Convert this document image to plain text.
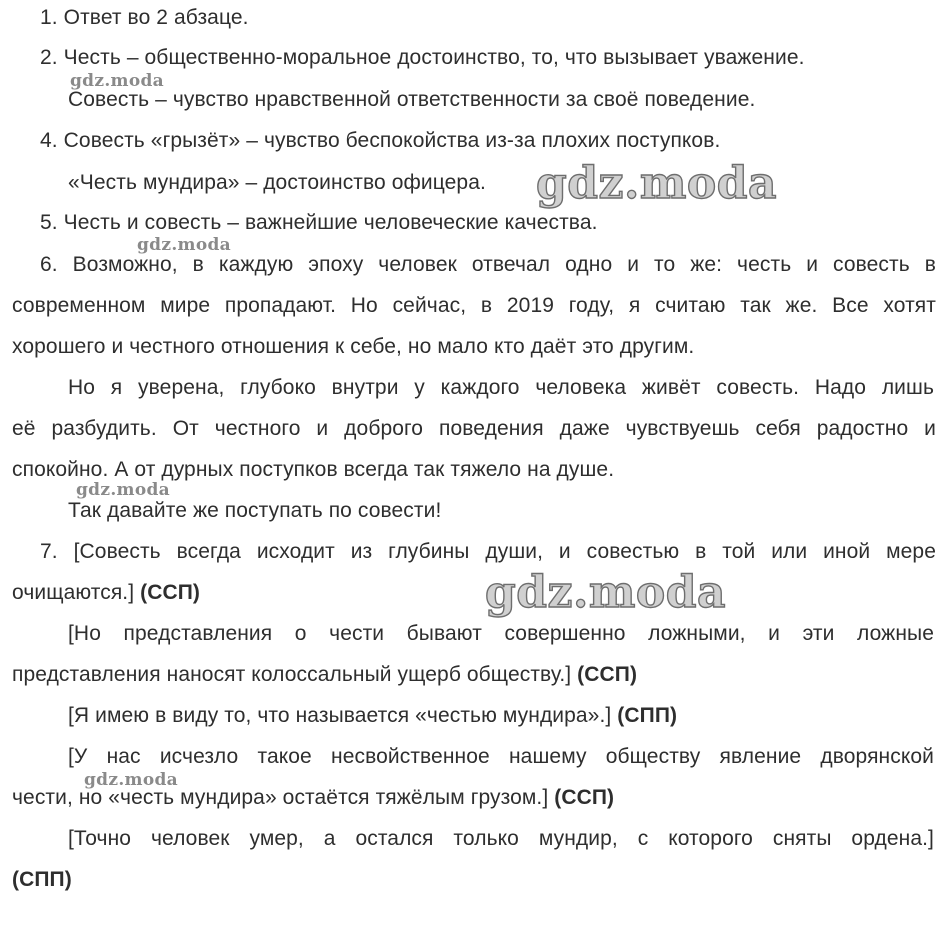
1. Ответ во 2 абзаце.
2. Честь – общественно-моральное достоинство, то, что вызывает уважение.
Совесть – чувство нравственной ответственности за своё поведение.
4. Совесть «грызёт» – чувство беспокойства из-за плохих поступков.
«Честь мундира» – достоинство офицера.
5. Честь и совесть – важнейшие человеческие качества.
6. Возможно, в каждую эпоху человек отвечал одно и то же: честь и совесть в
современном мире пропадают. Но сейчас, в 2019 году, я считаю так же. Все хотят
хорошего и честного отношения к себе, но мало кто даёт это другим.
Но я уверена, глубоко внутри у каждого человека живёт совесть. Надо лишь
её разбудить. От честного и доброго поведения даже чувствуешь себя радостно и
спокойно. А от дурных поступков всегда так тяжело на душе.
Так давайте же поступать по совести!
7. [Совесть всегда исходит из глубины души, и совестью в той или иной мере
очищаются.] (ССП)
[Но представления о чести бывают совершенно ложными, и эти ложные
представления наносят колоссальный ущерб обществу.] (ССП)
[Я имею в виду то, что называется «честью мундира».] (СПП)
[У нас исчезло такое несвойственное нашему обществу явление дворянской
чести, но «честь мундира» остаётся тяжёлым грузом.] (ССП)
[Точно человек умер, а остался только мундир, с которого сняты ордена.]
(СПП)
gdz.moda
gdz.moda
gdz.moda
gdz.moda
gdz.moda
gdz.moda
